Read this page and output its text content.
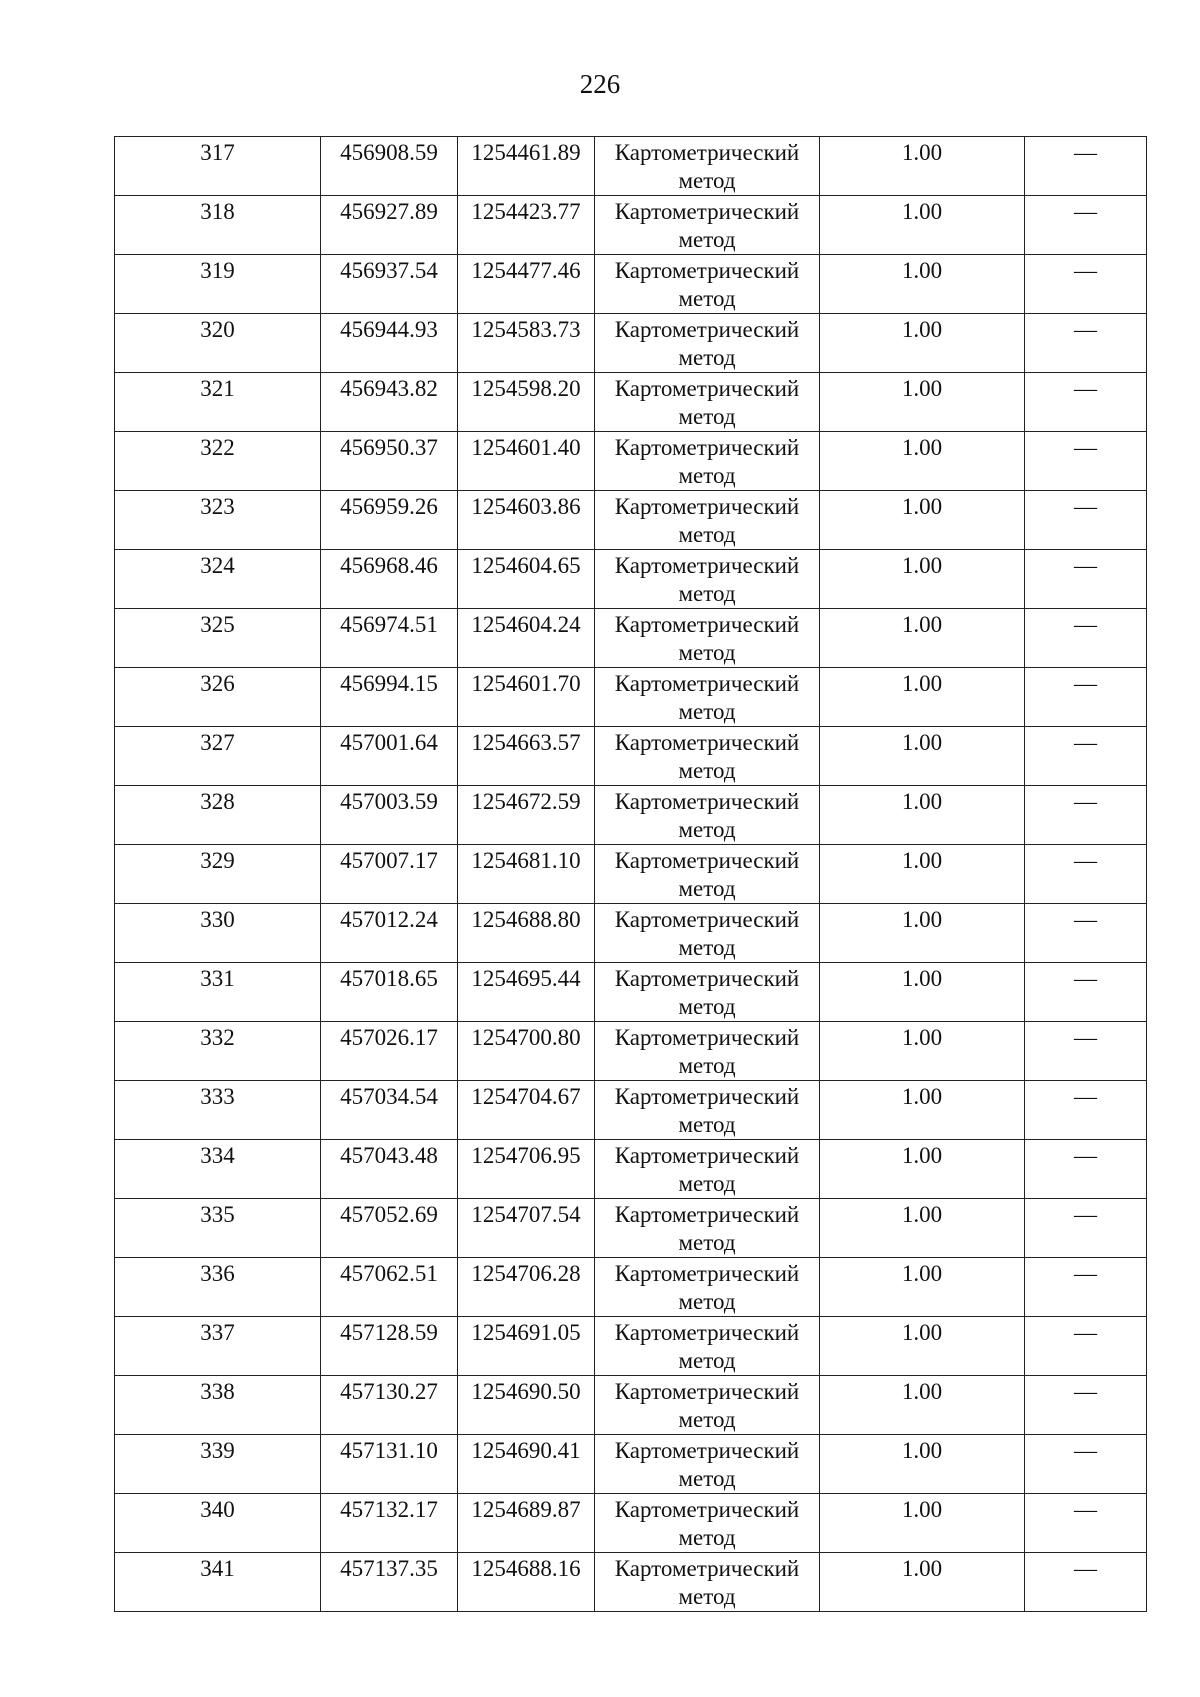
226
317	456908.59	1254461.89	Картометрический
метод	1.00	—

318	456927.89	1254423.77	Картометрический
метод	1.00	—

319	456937.54	1254477.46	Картометрический
метод	1.00	—

320	456944.93	1254583.73	Картометрический
метод	1.00	—

321	456943.82	1254598.20	Картометрический
метод	1.00	—

322	456950.37	1254601.40	Картометрический
метод	1.00	—

323	456959.26	1254603.86	Картометрический
метод	1.00	—

324	456968.46	1254604.65	Картометрический
метод	1.00	—

325	456974.51	1254604.24	Картометрический
метод	1.00	—

326	456994.15	1254601.70	Картометрический
метод	1.00	—

327	457001.64	1254663.57	Картометрический
метод	1.00	—

328	457003.59	1254672.59	Картометрический
метод	1.00	—

329	457007.17	1254681.10	Картометрический
метод	1.00	—

330	457012.24	1254688.80	Картометрический
метод	1.00	—

331	457018.65	1254695.44	Картометрический
метод	1.00	—

332	457026.17	1254700.80	Картометрический
метод	1.00	—

333	457034.54	1254704.67	Картометрический
метод	1.00	—

334	457043.48	1254706.95	Картометрический
метод	1.00	—

335	457052.69	1254707.54	Картометрический
метод	1.00	—

336	457062.51	1254706.28	Картометрический
метод	1.00	—

337	457128.59	1254691.05	Картометрический
метод	1.00	—

338	457130.27	1254690.50	Картометрический
метод	1.00	—

339	457131.10	1254690.41	Картометрический
метод	1.00	—

340	457132.17	1254689.87	Картометрический
метод	1.00	—

341	457137.35	1254688.16	Картометрический
метод	1.00	—
